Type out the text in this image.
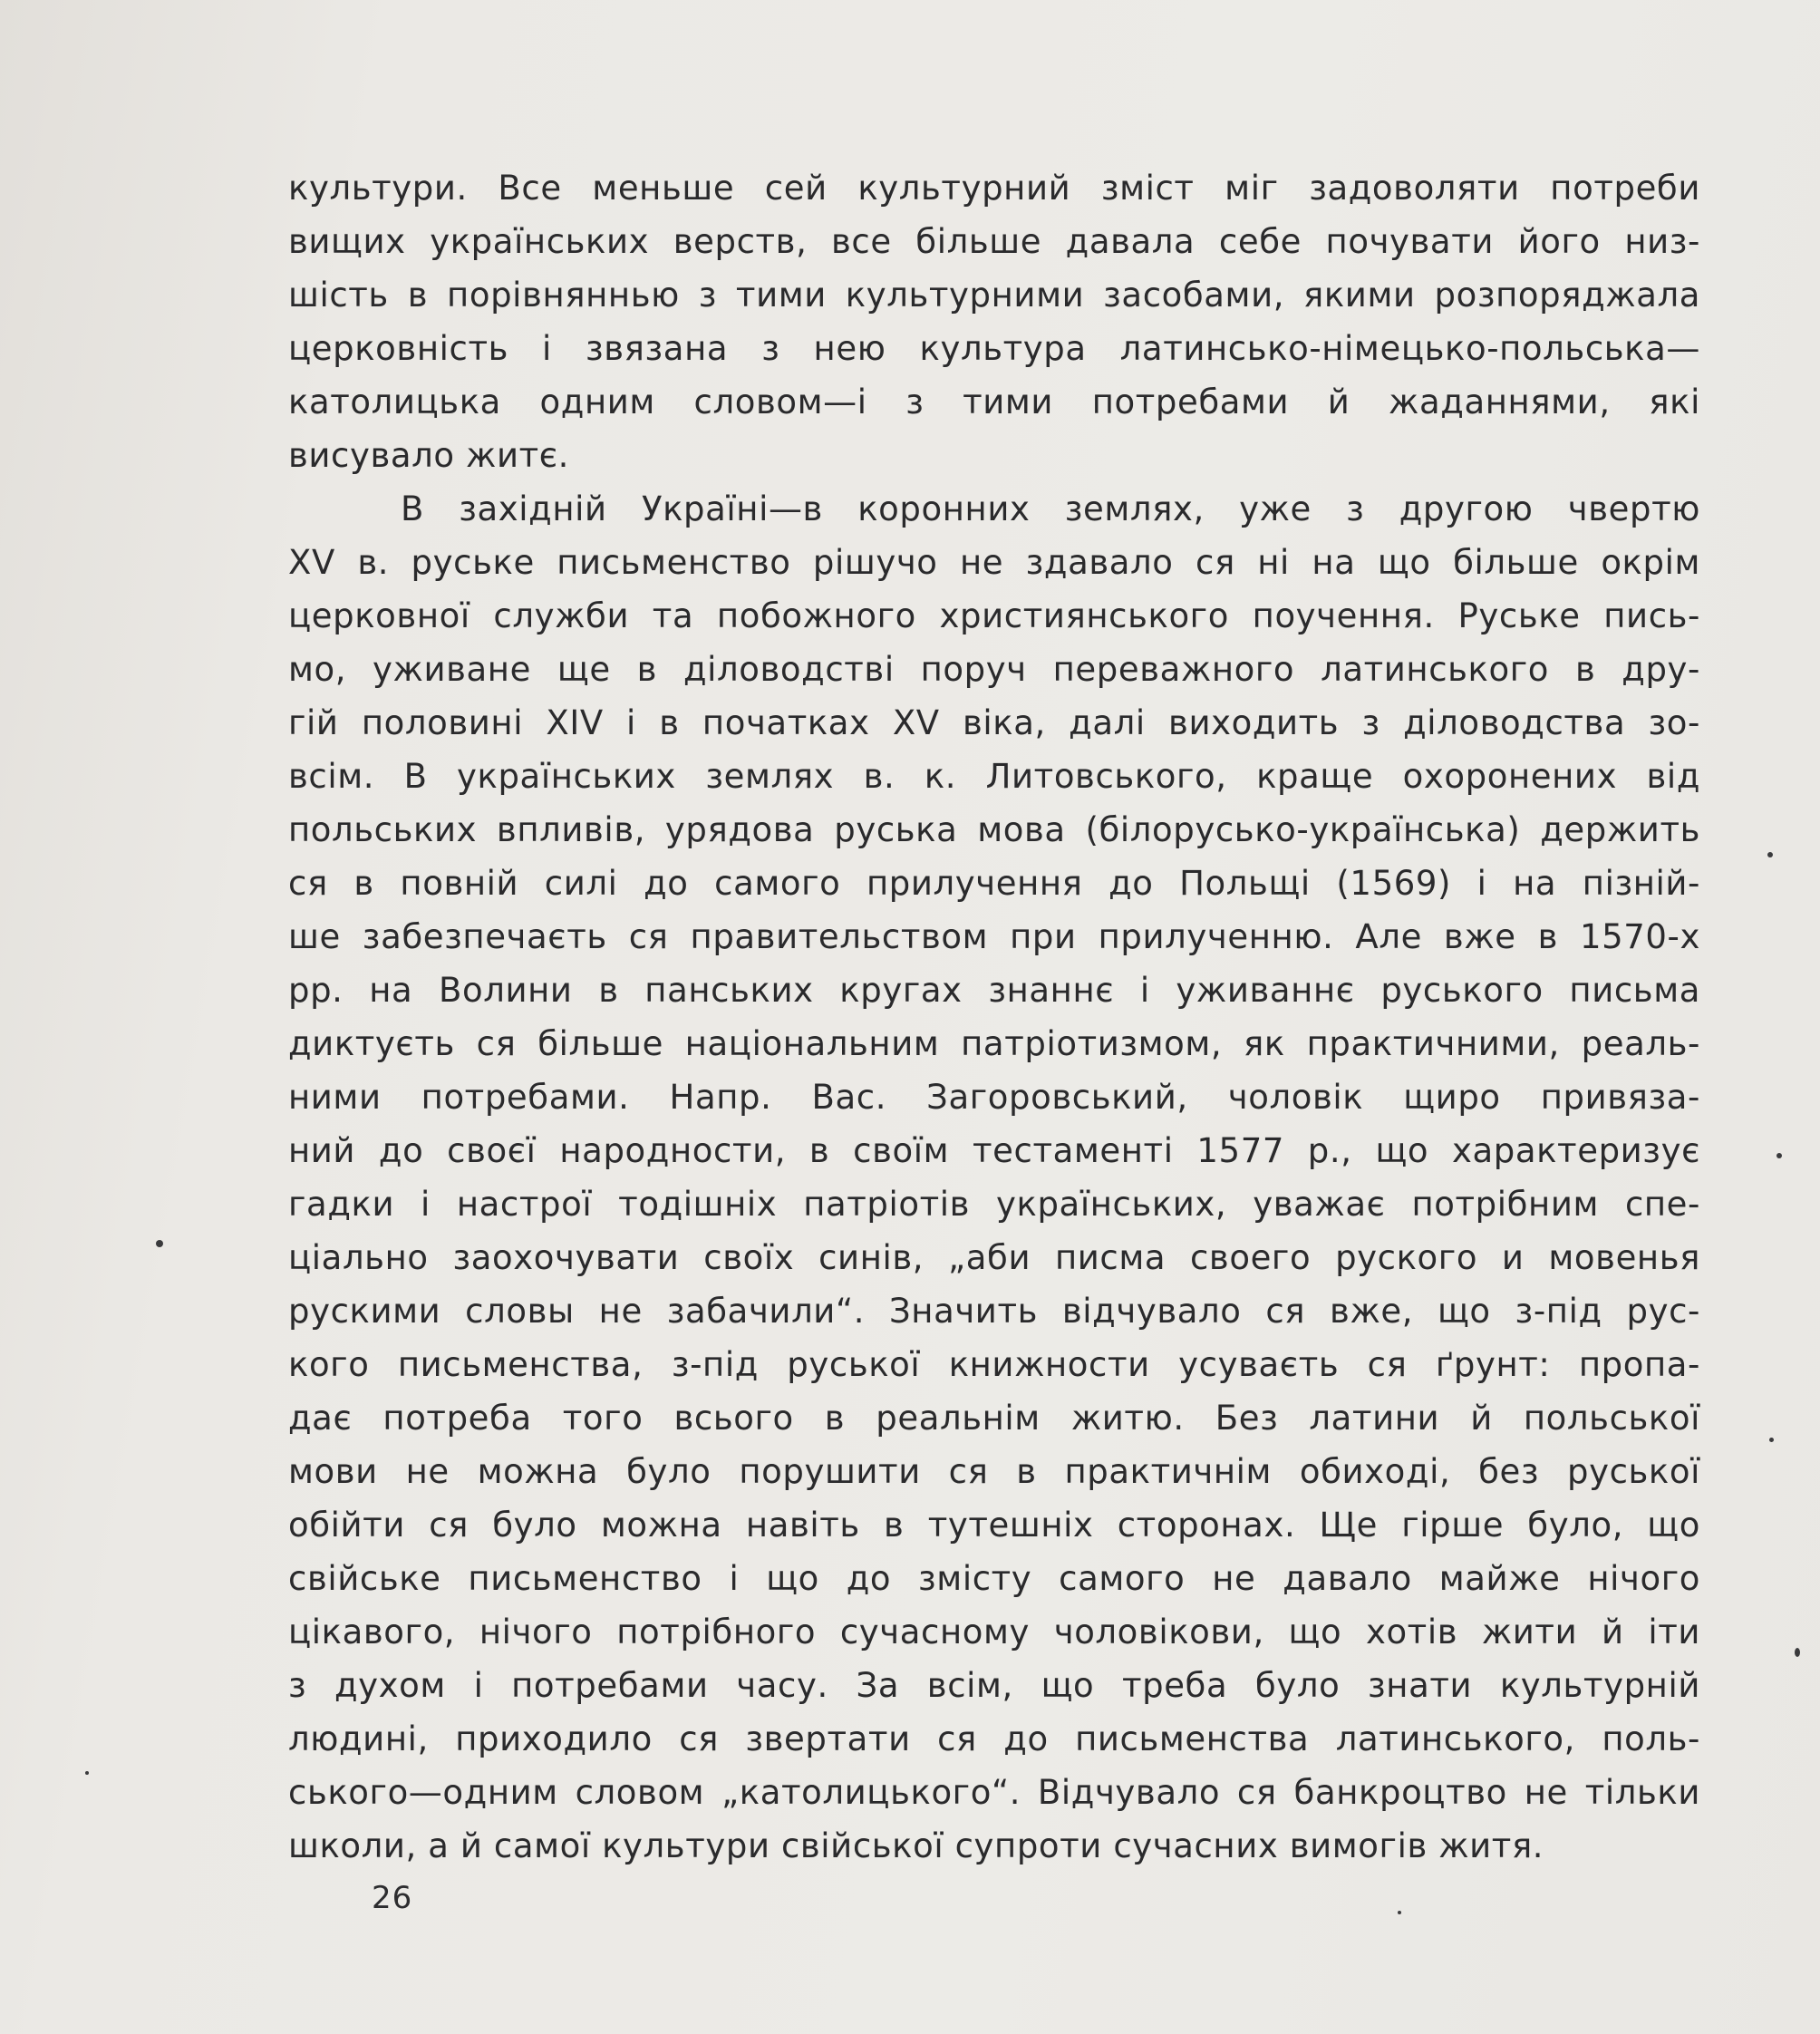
культури. Все меньше сей культурний зміст міг задоволяти потреби
вищих українських верств, все більше давала себе почувати його низ-
шість в порівняннью з тими культурними засобами, якими розпоряджала
церковність і звязана з нею культура латинсько-німецько-польська—
католицька одним словом—і з тими потребами й жаданнями, які
висувало житє.
В західній Україні—в коронних землях, уже з другою чвертю
XV в. руське письменство рішучо не здавало ся ні на що більше окрім
церковної служби та побожного християнського поучення. Руське пись-
мо, уживане ще в діловодстві поруч переважного латинського в дру-
гій половині XIV і в початках XV віка, далі виходить з діловодства зо-
всім. В українських землях в. к. Литовського, краще охоронених від
польських впливів, урядова руська мова (білорусько-українська) держить
ся в повній силі до самого прилучення до Польщі (1569) і на пізній-
ше забезпечаєть ся правительством при прилученню. Але вже в 1570-х
рр. на Волини в панських кругах знаннє і уживаннє руського письма
диктуєть ся більше національним патріотизмом, як практичними, реаль-
ними потребами. Напр. Вас. Загоровський, чоловік щиро привяза-
ний до своєї народности, в своїм тестаменті 1577 р., що характеризує
гадки і настрої тодішніх патріотів українських, уважає потрібним спе-
ціально заохочувати своїх синів, „аби писма своего руского и мовенья
рускими словы не забачили“. Значить відчувало ся вже, що з-під рус-
кого письменства, з-під руської книжности усуваєть ся ґрунт: пропа-
дає потреба того всього в реальнім житю. Без латини й польської
мови не можна було порушити ся в практичнім обиході, без руської
обійти ся було можна навіть в тутешніх сторонах. Ще гірше було, що
свійське письменство і що до змісту самого не давало майже нічого
цікавого, нічого потрібного сучасному чоловікови, що хотів жити й іти
з духом і потребами часу. За всім, що треба було знати культурній
людині, приходило ся звертати ся до письменства латинського, поль-
ського—одним словом „католицького“. Відчувало ся банкроцтво не тільки
школи, а й самої культури свійської супроти сучасних вимогів житя.
26
